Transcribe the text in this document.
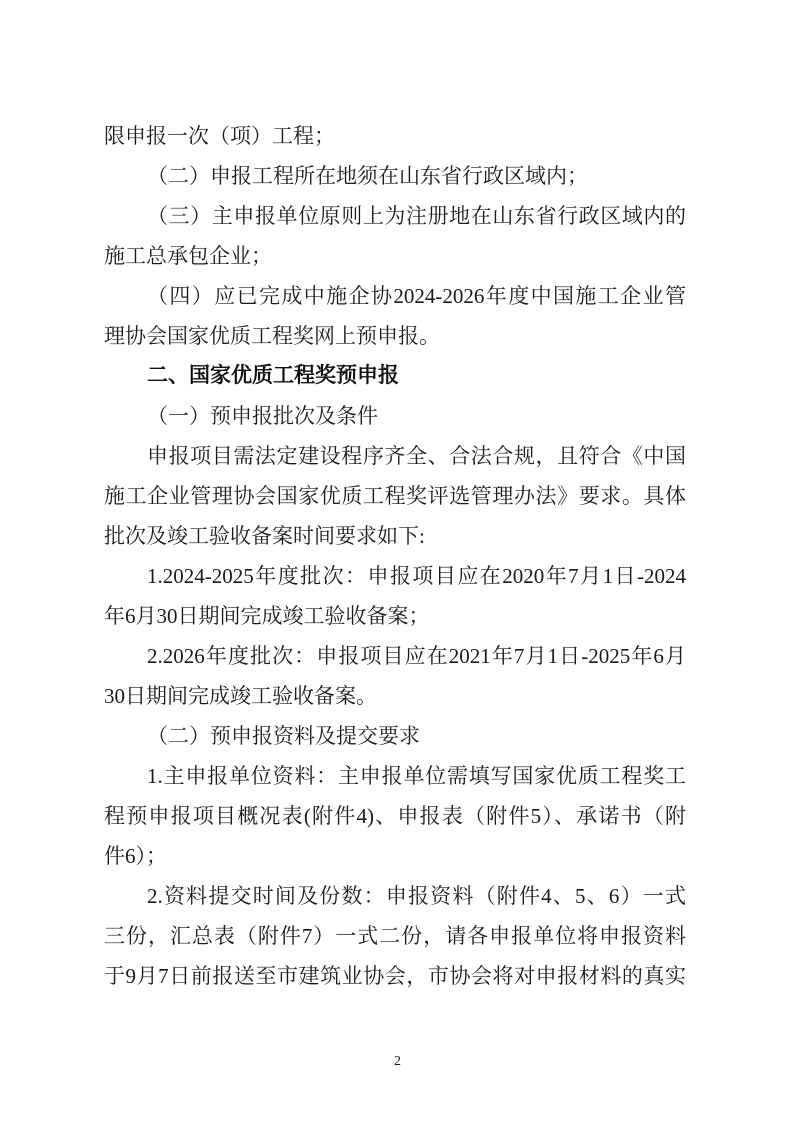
限申报一次（项）工程；
（二）申报工程所在地须在山东省行政区域内；
（三）主申报单位原则上为注册地在山东省行政区域内的
施工总承包企业；
（四）应已完成中施企协2024-2026年度中国施工企业管
理协会国家优质工程奖网上预申报。
二、国家优质工程奖预申报
（一）预申报批次及条件
申报项目需法定建设程序齐全、合法合规，且符合《中国
施工企业管理协会国家优质工程奖评选管理办法》要求。具体
批次及竣工验收备案时间要求如下:
1.2024-2025年度批次：申报项目应在2020年7月1日-2024
年6月30日期间完成竣工验收备案；
2.2026年度批次：申报项目应在2021年7月1日-2025年6月
30日期间完成竣工验收备案。
（二）预申报资料及提交要求
1.主申报单位资料：主申报单位需填写国家优质工程奖工
程预申报项目概况表(附件4)、申报表（附件5）、承诺书（附
件6）；
2.资料提交时间及份数：申报资料（附件4、5、6）一式
三份，汇总表（附件7）一式二份，请各申报单位将申报资料
于9月7日前报送至市建筑业协会，市协会将对申报材料的真实
2
